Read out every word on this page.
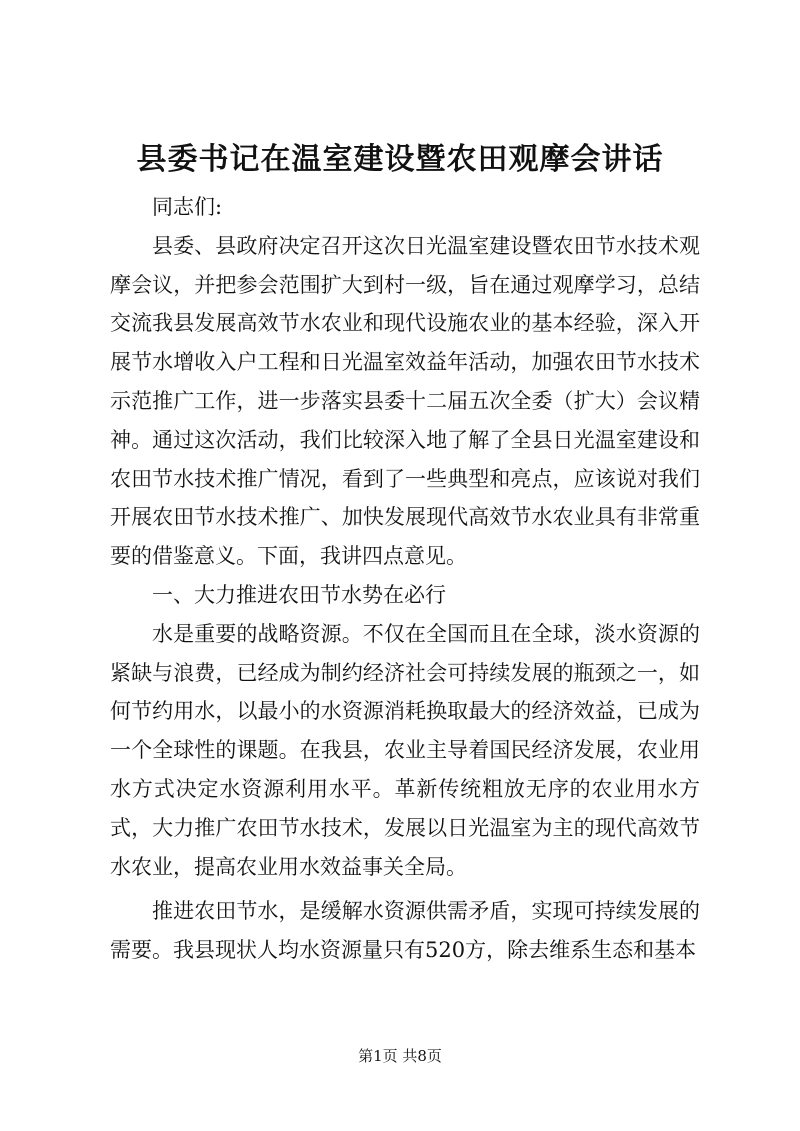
县委书记在温室建设暨农田观摩会讲话

同志们:

县委、县政府决定召开这次日光温室建设暨农田节水技术观摩会议，并把参会范围扩大到村一级，旨在通过观摩学习，总结交流我县发展高效节水农业和现代设施农业的基本经验，深入开展节水增收入户工程和日光温室效益年活动，加强农田节水技术示范推广工作，进一步落实县委十二届五次全委（扩大）会议精神。通过这次活动，我们比较深入地了解了全县日光温室建设和农田节水技术推广情况，看到了一些典型和亮点，应该说对我们开展农田节水技术推广、加快发展现代高效节水农业具有非常重要的借鉴意义。下面，我讲四点意见。

一、大力推进农田节水势在必行

水是重要的战略资源。不仅在全国而且在全球，淡水资源的紧缺与浪费，已经成为制约经济社会可持续发展的瓶颈之一，如何节约用水，以最小的水资源消耗换取最大的经济效益，已成为一个全球性的课题。在我县，农业主导着国民经济发展，农业用水方式决定水资源利用水平。革新传统粗放无序的农业用水方式，大力推广农田节水技术，发展以日光温室为主的现代高效节水农业，提高农业用水效益事关全局。

推进农田节水，是缓解水资源供需矛盾，实现可持续发展的需要。我县现状人均水资源量只有520方，除去维系生态和基本

第1页 共8页
